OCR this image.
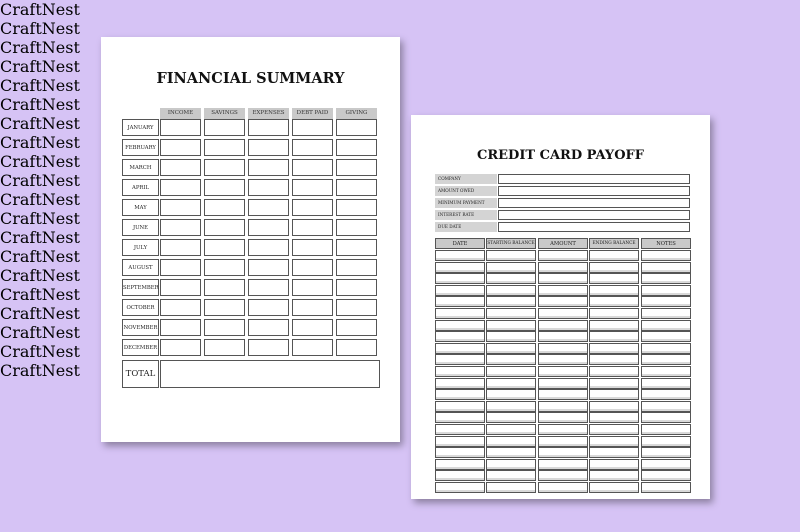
FINANCIAL SUMMARY
INCOME	SAVINGS	EXPENSES	DEBT PAID	GIVING
JANUARY
FEBRUARY
MARCH
APRIL
MAY
JUNE
JULY
AUGUST
SEPTEMBER
OCTOBER
NOVEMBER
DECEMBER
TOTAL
CREDIT CARD PAYOFF
COMPANY
AMOUNT OWED
MINIMUM PAYMENT
INTEREST RATE
DUE DATE
DATE	STARTING BALANCE	AMOUNT	ENDING BALANCE	NOTES
CraftNest
CraftNest
CraftNest
CraftNest
CraftNest
CraftNest
CraftNest
CraftNest
CraftNest
CraftNest
CraftNest
CraftNest
CraftNest
CraftNest
CraftNest
CraftNest
CraftNest
CraftNest
CraftNest
CraftNest
